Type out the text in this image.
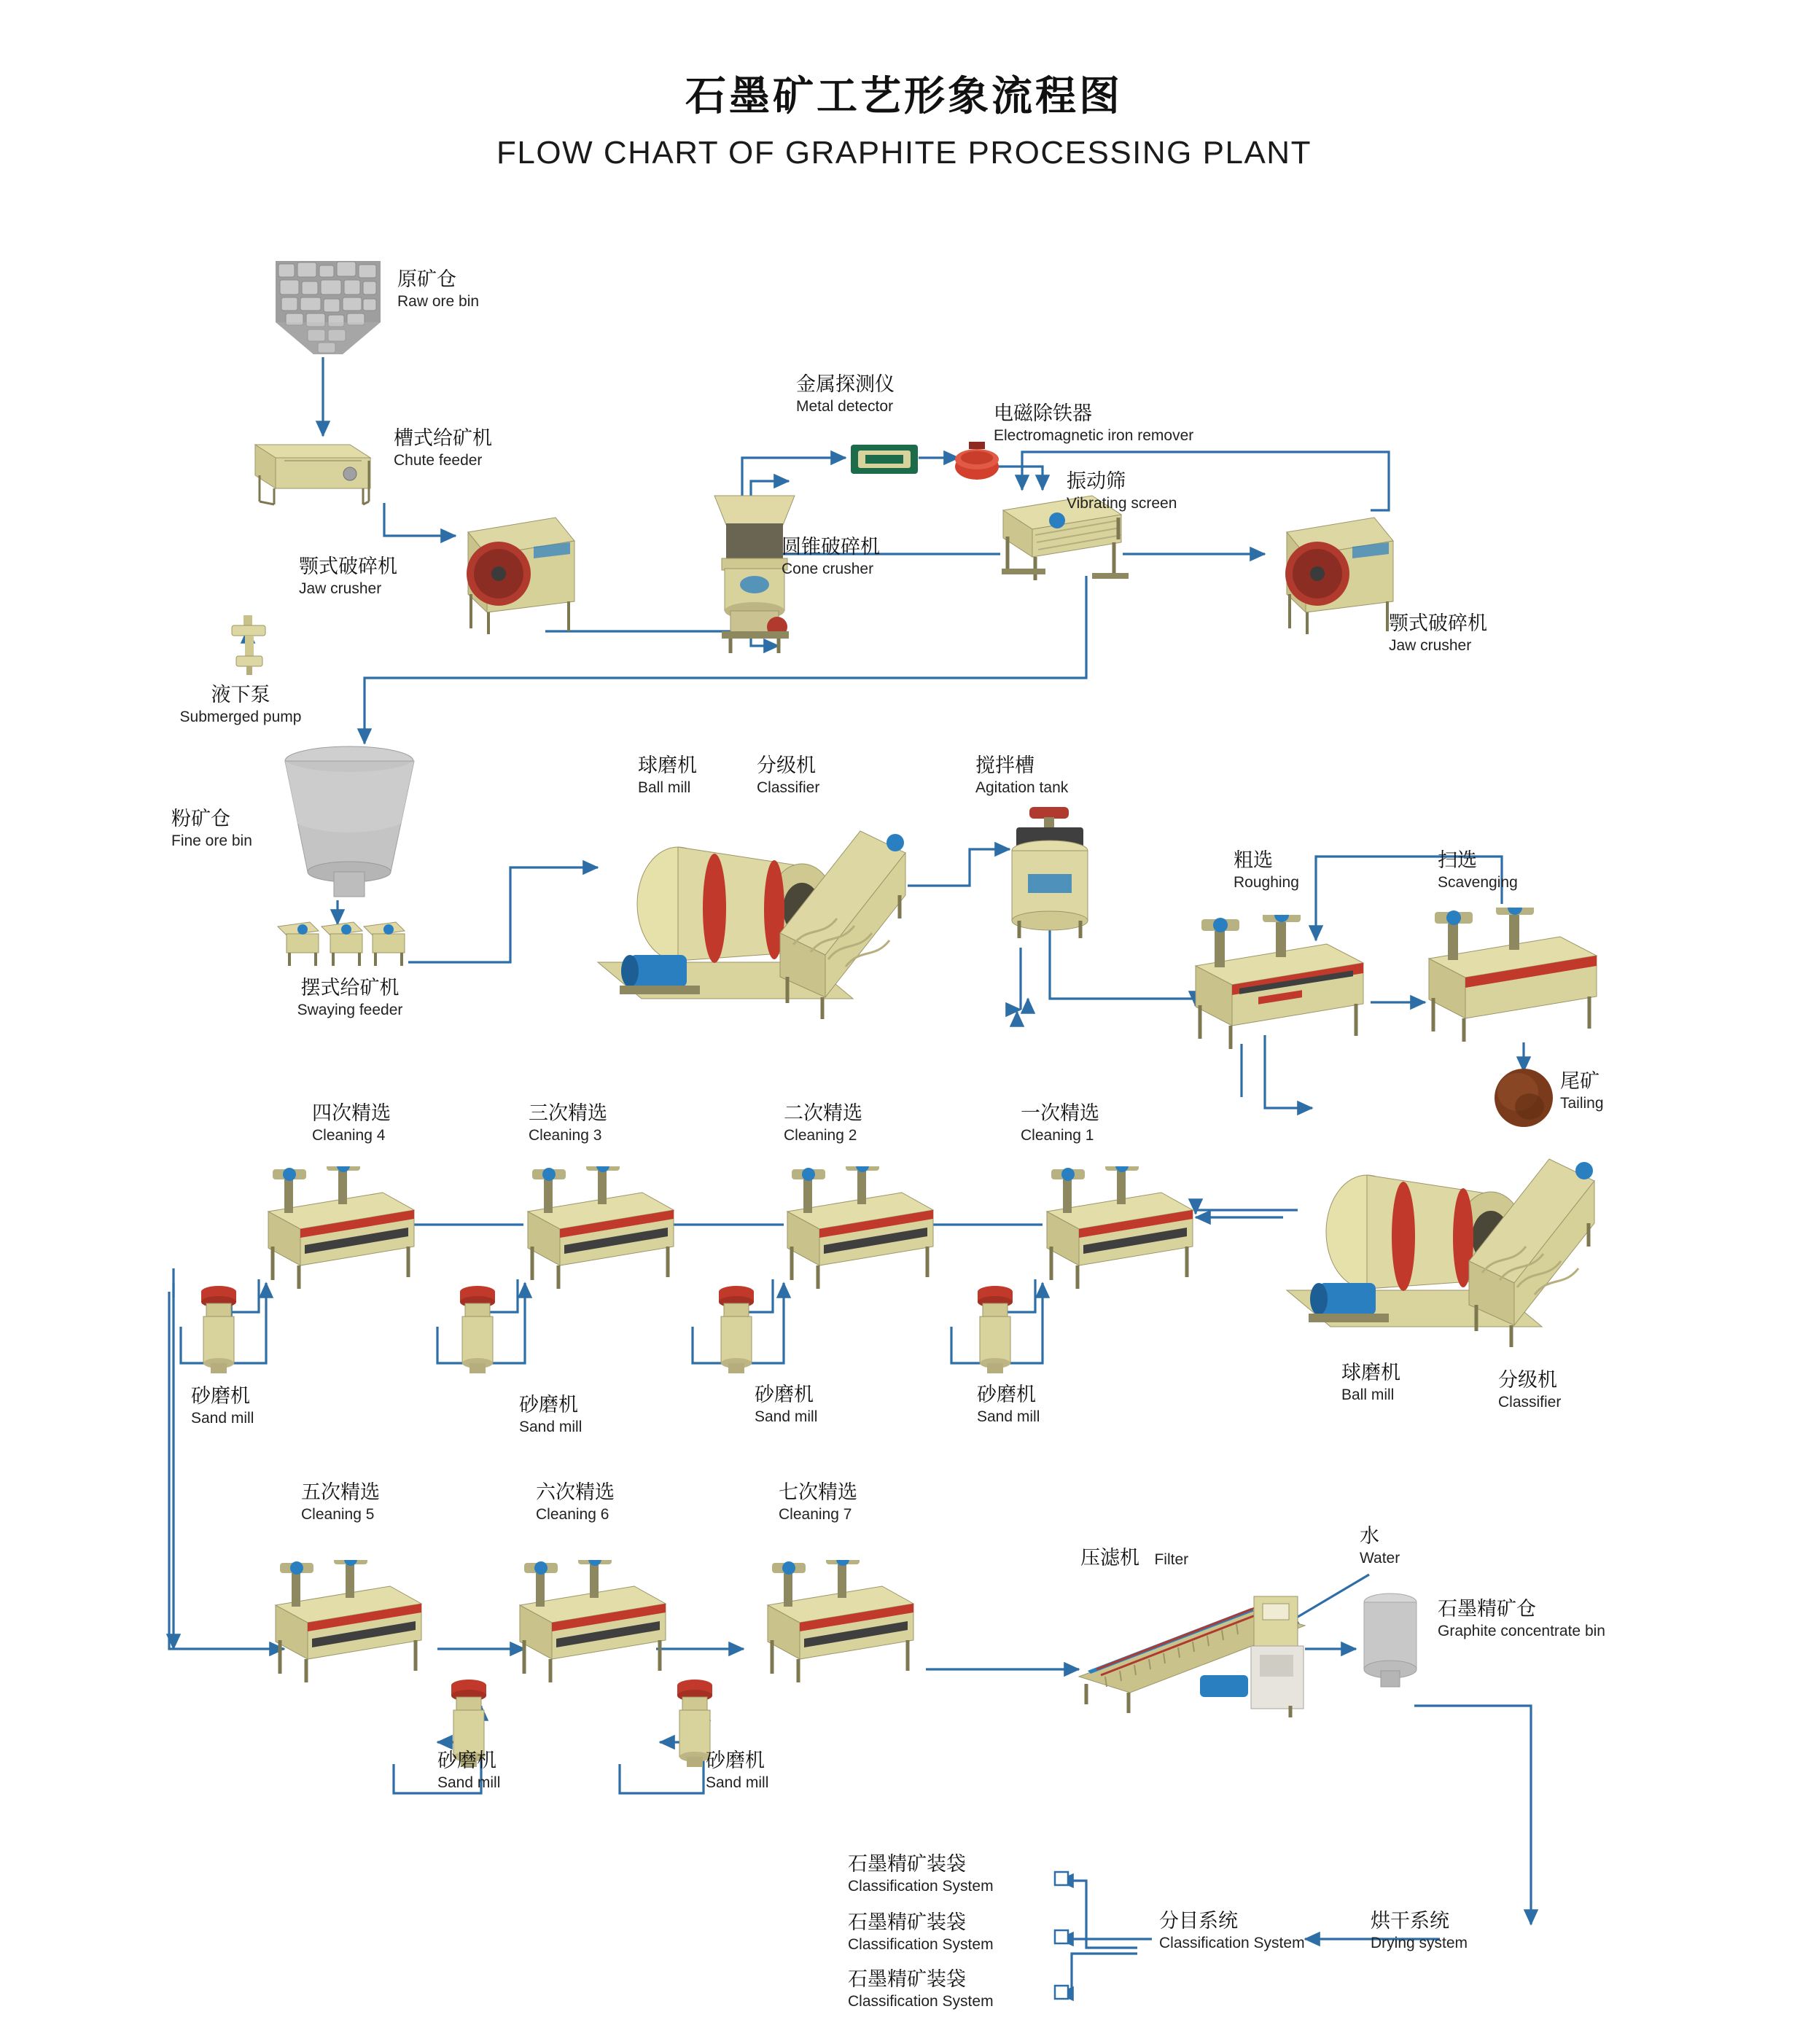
石墨矿工艺形象流程图
FLOW CHART OF GRAPHITE PROCESSING PLANT
原矿仓
Raw ore bin
槽式给矿机
Chute feeder
颚式破碎机
Jaw crusher
金属探测仪
Metal detector	电磁除铁器
Electromagnetic iron remover
振动筛
Vibrating screen
圆锥破碎机
Cone crusher
颚式破碎机
Jaw crusher
液下泵
Submerged pump
粉矿仓
Fine ore bin
摆式给矿机
Swaying feeder
球磨机
Ball mill
分级机
Classifier
搅拌槽
Agitation tank
粗选
Roughing
扫选
Scavenging
尾矿
Tailing
一次精选
Cleaning 1
二次精选
Cleaning 2
三次精选
Cleaning 3
四次精选
Cleaning 4
五次精选
Cleaning 5
六次精选
Cleaning 6
七次精选
Cleaning 7
砂磨机
Sand mill
砂磨机
Sand mill
砂磨机
Sand mill
砂磨机
Sand mill
砂磨机
Sand mill
砂磨机
Sand mill
球磨机
Ball mill
分级机
Classifier
压滤机 Filter
水
Water
石墨精矿仓
Graphite concentrate bin
烘干系统
Drying system
分目系统
Classification System
石墨精矿装袋
Classification System
石墨精矿装袋
Classification System
石墨精矿装袋
Classification System
